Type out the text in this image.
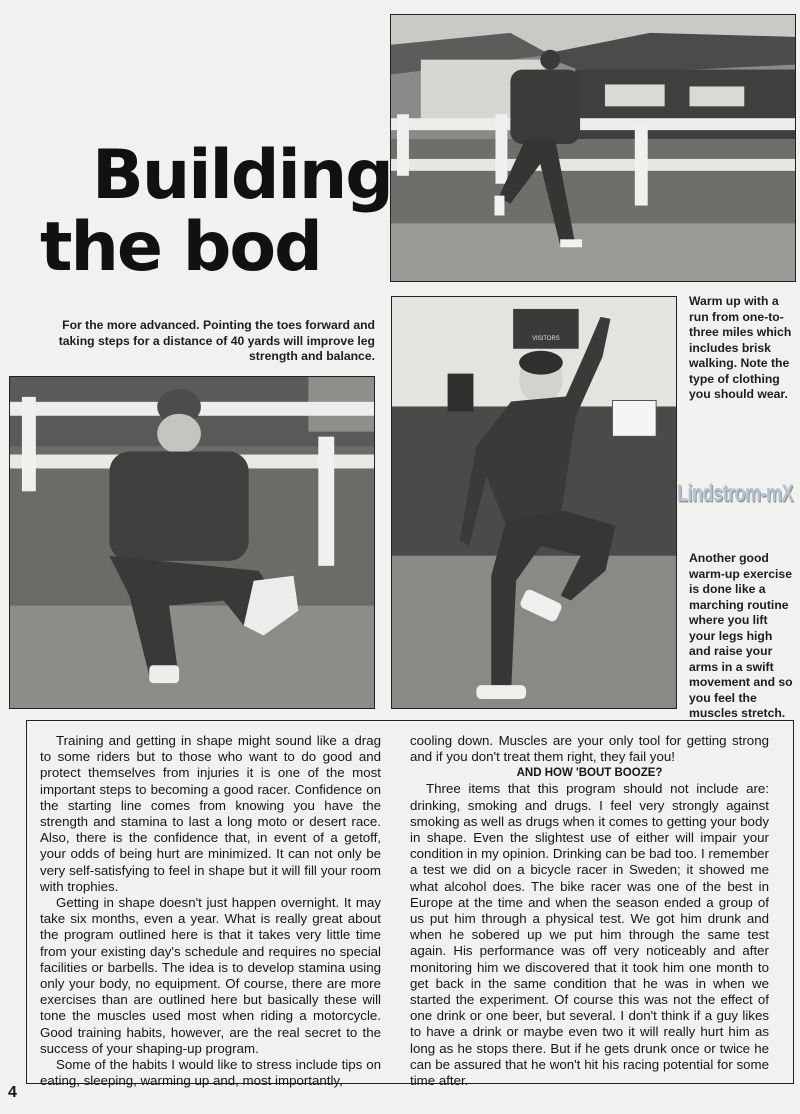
VISITORS
Building
the bod

For the more advanced. Pointing the toes forward and taking steps for a distance of 40 yards will improve leg strength and balance.

Warm up with a run from one-to-three miles which includes brisk walking. Note the type of clothing you should wear.

Lindstrom-mX

Another good warm-up exercise is done like a marching routine where you lift your legs high and raise your arms in a swift movement and so you feel the muscles stretch.

Training and getting in shape might sound like a drag to some riders but to those who want to do good and protect themselves from injuries it is one of the most important steps to becoming a good racer. Confidence on the starting line comes from knowing you have the strength and stamina to last a long moto or desert race. Also, there is the confidence that, in event of a getoff, your odds of being hurt are minimized. It can not only be very self-satisfying to feel in shape but it will fill your room with trophies.

Getting in shape doesn't just happen overnight. It may take six months, even a year. What is really great about the program outlined here is that it takes very little time from your existing day's schedule and requires no special facilities or barbells. The idea is to develop stamina using only your body, no equipment. Of course, there are more exercises than are outlined here but basically these will tone the muscles used most when riding a motorcycle. Good training habits, however, are the real secret to the success of your shaping-up program.

Some of the habits I would like to stress include tips on eating, sleeping, warming up and, most importantly,

cooling down. Muscles are your only tool for getting strong and if you don't treat them right, they fail you!

AND HOW 'BOUT BOOZE?

Three items that this program should not include are: drinking, smoking and drugs. I feel very strongly against smoking as well as drugs when it comes to getting your body in shape. Even the slightest use of either will impair your condition in my opinion. Drinking can be bad too. I remember a test we did on a bicycle racer in Sweden; it showed me what alcohol does. The bike racer was one of the best in Europe at the time and when the season ended a group of us put him through a physical test. We got him drunk and when he sobered up we put him through the same test again. His performance was off very noticeably and after monitoring him we discovered that it took him one month to get back in the same condition that he was in when we started the experiment. Of course this was not the effect of one drink or one beer, but several. I don't think if a guy likes to have a drink or maybe even two it will really hurt him as long as he stops there. But if he gets drunk once or twice he can be assured that he won't hit his racing potential for some time after.

4
